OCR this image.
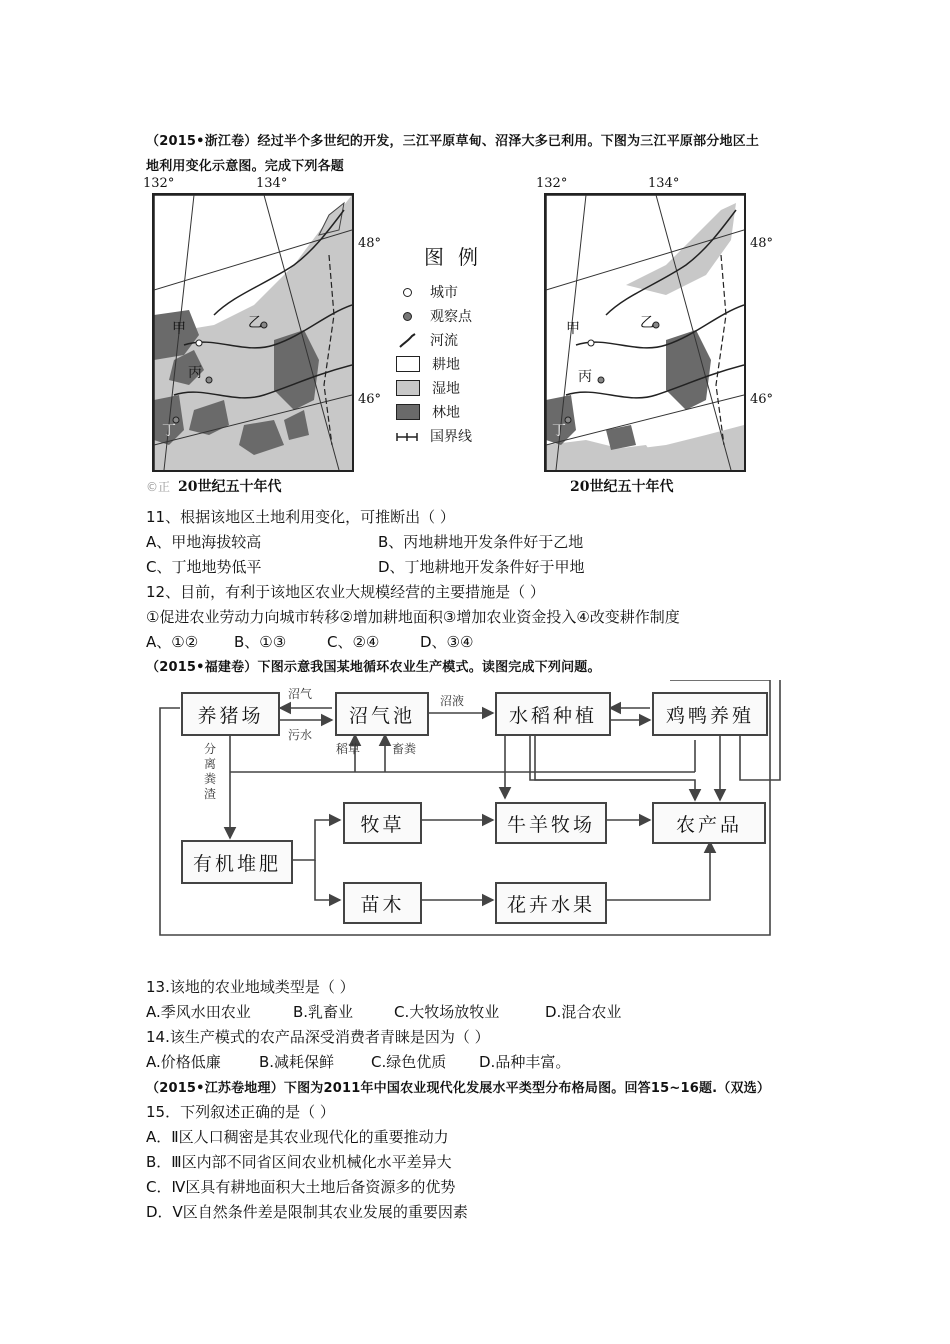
（2015•浙江卷）经过半个多世纪的开发，三江平原草甸、沼泽大多已利用。下图为三江平原部分地区土
地利用变化示意图。完成下列各题
132°	134°
48°
46°
甲	乙
丙
丁
©正 20世纪五十年代
图例
城市
观察点
河流
耕地
湿地
林地
国界线
132°	134°
48°
46°
甲	乙
丙
丁
20世纪五十年代
11、根据该地区土地利用变化，可推断出（ ）
A、甲地海拔较高	B、丙地耕地开发条件好于乙地
C、丁地地势低平	D、丁地耕地开发条件好于甲地
12、目前，有利于该地区农业大规模经营的主要措施是（ ）
①促进农业劳动力向城市转移②增加耕地面积③增加农业资金投入④改变耕作制度
A、①② B、①③	C、②④	D、③④
（2015•福建卷）下图示意我国某地循环农业生产模式。读图完成下列问题。
养猪场	沼气池	水稻种植	鸡鸭养殖
有机堆肥
牧草	牛羊牧场	农产品
苗木	花卉水果
沼气
污水
沼液
稻草	畜粪
分离粪渣
13.该地的农业地域类型是（ ）
A.季风水田农业	B.乳畜业	C.大牧场放牧业	D.混合农业
14.该生产模式的农产品深受消费者青睐是因为（ ）
A.价格低廉	B.减耗保鲜 C.绿色优质 D.品种丰富。
（2015•江苏卷地理）下图为2011年中国农业现代化发展水平类型分布格局图。回答15~16题.（双选）
15．下列叙述正确的是（ ）
A．Ⅱ区人口稠密是其农业现代化的重要推动力
B．Ⅲ区内部不同省区间农业机械化水平差异大
C．Ⅳ区具有耕地面积大土地后备资源多的优势
D．Ⅴ区自然条件差是限制其农业发展的重要因素
